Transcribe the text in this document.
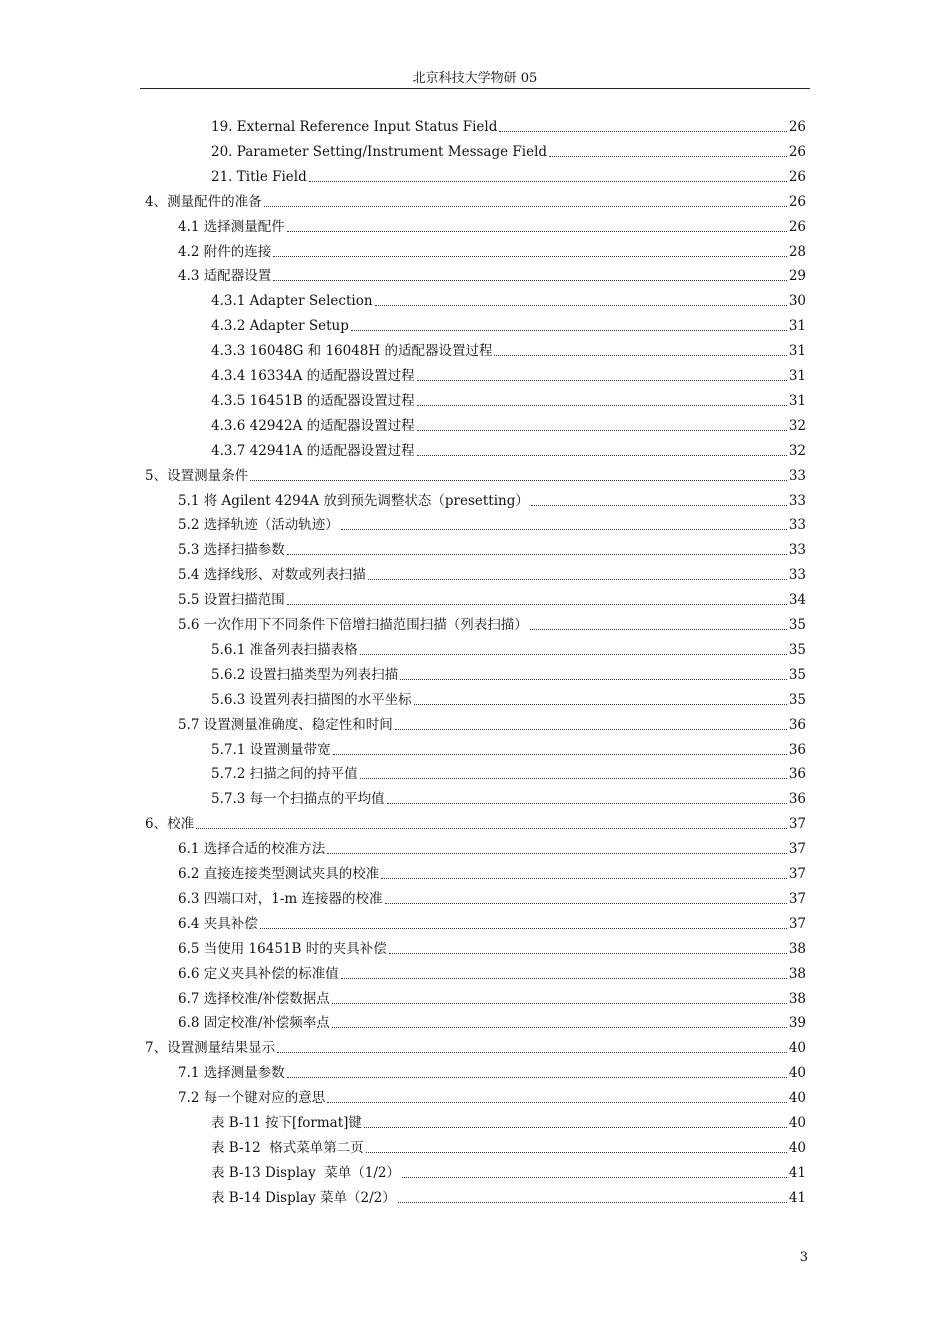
北京科技大学物研 05
19. External Reference Input Status Field	26
20. Parameter Setting/Instrument Message Field	26
21. Title Field	26
4、测量配件的准备	26
4.1 选择测量配件	26
4.2 附件的连接	28
4.3 适配器设置	29
4.3.1 Adapter Selection	30
4.3.2 Adapter Setup	31
4.3.3 16048G 和 16048H 的适配器设置过程	31
4.3.4 16334A 的适配器设置过程	31
4.3.5 16451B 的适配器设置过程	31
4.3.6 42942A 的适配器设置过程	32
4.3.7 42941A 的适配器设置过程	32
5、设置测量条件	33
5.1 将 Agilent 4294A 放到预先调整状态（presetting）	33
5.2 选择轨迹（活动轨迹）	33
5.3 选择扫描参数	33
5.4 选择线形、对数或列表扫描	33
5.5 设置扫描范围	34
5.6 一次作用下不同条件下倍增扫描范围扫描（列表扫描）	35
5.6.1 准备列表扫描表格	35
5.6.2 设置扫描类型为列表扫描	35
5.6.3 设置列表扫描图的水平坐标	35
5.7 设置测量准确度、稳定性和时间	36
5.7.1 设置测量带宽	36
5.7.2 扫描之间的持平值	36
5.7.3 每一个扫描点的平均值	36
6、校准	37
6.1 选择合适的校准方法	37
6.2 直接连接类型测试夹具的校准	37
6.3 四端口对，1-m 连接器的校准	37
6.4 夹具补偿	37
6.5 当使用 16451B 时的夹具补偿	38
6.6 定义夹具补偿的标准值	38
6.7 选择校准/补偿数据点	38
6.8 固定校准/补偿频率点	39
7、设置测量结果显示	40
7.1 选择测量参数	40
7.2 每一个键对应的意思	40
表 B-11 按下[format]键	40
表 B-12  格式菜单第二页	40
表 B-13 Display  菜单（1/2）	41
表 B-14 Display 菜单（2/2）	41
3
